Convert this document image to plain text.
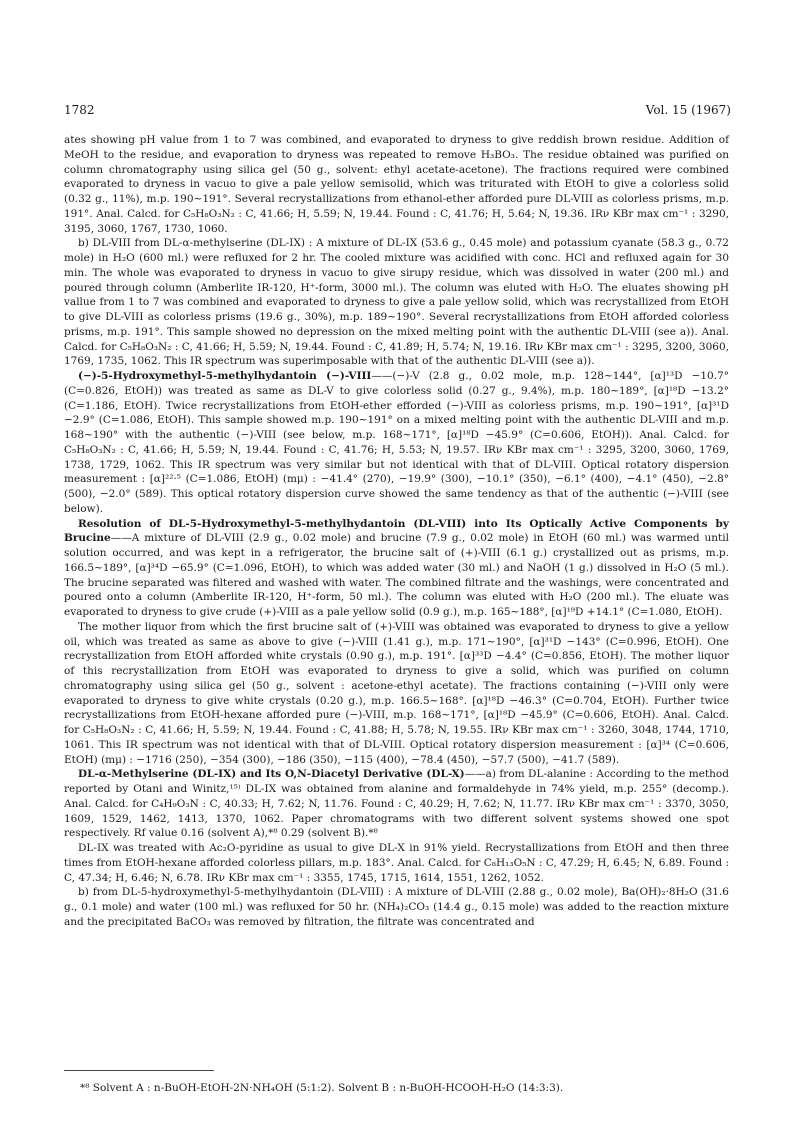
1782	Vol. 15 (1967)

ates showing pH value from 1 to 7 was combined, and evaporated to dryness to give reddish brown residue. Addition of MeOH to the residue, and evaporation to dryness was repeated to remove H₃BO₃. The residue obtained was purified on column chromatography using silica gel (50 g., solvent: ethyl acetate-acetone). The fractions required were combined evaporated to dryness in vacuo to give a pale yellow semisolid, which was triturated with EtOH to give a colorless solid (0.32 g., 11%), m.p. 190∼191°. Several recrystallizations from ethanol-ether afforded pure DL-VIII as colorless prisms, m.p. 191°. Anal. Calcd. for C₅H₈O₃N₂ : C, 41.66; H, 5.59; N, 19.44. Found : C, 41.76; H, 5.64; N, 19.36. IRν KBr max cm⁻¹ : 3290, 3195, 3060, 1767, 1730, 1060.

b) DL-VIII from DL-α-methylserine (DL-IX) : A mixture of DL-IX (53.6 g., 0.45 mole) and potassium cyanate (58.3 g., 0.72 mole) in H₂O (600 ml.) were refluxed for 2 hr. The cooled mixture was acidified with conc. HCl and refluxed again for 30 min. The whole was evaporated to dryness in vacuo to give sirupy residue, which was dissolved in water (200 ml.) and poured through column (Amberlite IR-120, H⁺-form, 3000 ml.). The column was eluted with H₂O. The eluates showing pH vallue from 1 to 7 was combined and evaporated to dryness to give a pale yellow solid, which was recrystallized from EtOH to give DL-VIII as colorless prisms (19.6 g., 30%), m.p. 189∼190°. Several recrystallizations from EtOH afforded colorless prisms, m.p. 191°. This sample showed no depression on the mixed melting point with the authentic DL-VIII (see a)). Anal. Calcd. for C₅H₈O₃N₂ : C, 41.66; H, 5.59; N, 19.44. Found : C, 41.89; H, 5.74; N, 19.16. IRν KBr max cm⁻¹ : 3295, 3200, 3060, 1769, 1735, 1062. This IR spectrum was superimposable with that of the authentic DL-VIII (see a)).

(−)-5-Hydroxymethyl-5-methylhydantoin (−)-VIII——(−)-V (2.8 g., 0.02 mole, m.p. 128∼144°, [α]¹³D −10.7° (C=0.826, EtOH)) was treated as same as DL-V to give colorless solid (0.27 g., 9.4%), m.p. 180∼189°, [α]¹⁸D −13.2° (C=1.186, EtOH). Twice recrystallizations from EtOH-ether efforded (−)-VIII as colorless prisms, m.p. 190∼191°, [α]³¹D −2.9° (C=1.086, EtOH). This sample showed m.p. 190∼191° on a mixed melting point with the authentic DL-VIII and m.p. 168∼190° with the authentic (−)-VIII (see below, m.p. 168∼171°, [α]¹⁸D −45.9° (C=0.606, EtOH)). Anal. Calcd. for C₅H₈O₃N₂ : C, 41.66; H, 5.59; N, 19.44. Found : C, 41.76; H, 5.53; N, 19.57. IRν KBr max cm⁻¹ : 3295, 3200, 3060, 1769, 1738, 1729, 1062. This IR spectrum was very similar but not identical with that of DL-VIII. Optical rotatory dispersion measurement : [α]²²·⁵ (C=1.086, EtOH) (mμ) : −41.4° (270), −19.9° (300), −10.1° (350), −6.1° (400), −4.1° (450), −2.8° (500), −2.0° (589). This optical rotatory dispersion curve showed the same tendency as that of the authentic (−)-VIII (see below).

Resolution of DL-5-Hydroxymethyl-5-methylhydantoin (DL-VIII) into Its Optically Active Components by Brucine——A mixture of DL-VIII (2.9 g., 0.02 mole) and brucine (7.9 g., 0.02 mole) in EtOH (60 ml.) was warmed until solution occurred, and was kept in a refrigerator, the brucine salt of (+)-VIII (6.1 g.) crystallized out as prisms, m.p. 166.5∼189°, [α]³⁴D −65.9° (C=1.096, EtOH), to which was added water (30 ml.) and NaOH (1 g.) dissolved in H₂O (5 ml.). The brucine separated was filtered and washed with water. The combined filtrate and the washings, were concentrated and poured onto a column (Amberlite IR-120, H⁺-form, 50 ml.). The column was eluted with H₂O (200 ml.). The eluate was evaporated to dryness to give crude (+)-VIII as a pale yellow solid (0.9 g.), m.p. 165∼188°, [α]¹⁹D +14.1° (C=1.080, EtOH).

The mother liquor from which the first brucine salt of (+)-VIII was obtained was evaporated to dryness to give a yellow oil, which was treated as same as above to give (−)-VIII (1.41 g.), m.p. 171∼190°, [α]³¹D −143° (C=0.996, EtOH). One recrystallization from EtOH afforded white crystals (0.90 g.), m.p. 191°. [α]³³D −4.4° (C=0.856, EtOH). The mother liquor of this recrystallization from EtOH was evaporated to dryness to give a solid, which was purified on column chromatography using silica gel (50 g., solvent : acetone-ethyl acetate). The fractions containing (−)-VIII only were evaporated to dryness to give white crystals (0.20 g.), m.p. 166.5∼168°. [α]¹⁸D −46.3° (C=0.704, EtOH). Further twice recrystallizations from EtOH-hexane afforded pure (−)-VIII, m.p. 168∼171°, [α]¹⁸D −45.9° (C=0.606, EtOH). Anal. Calcd. for C₅H₈O₃N₂ : C, 41.66; H, 5.59; N, 19.44. Found : C, 41.88; H, 5.78; N, 19.55. IRν KBr max cm⁻¹ : 3260, 3048, 1744, 1710, 1061. This IR spectrum was not identical with that of DL-VIII. Optical rotatory dispersion measurement : [α]³⁴ (C=0.606, EtOH) (mμ) : −1716 (250), −354 (300), −186 (350), −115 (400), −78.4 (450), −57.7 (500), −41.7 (589).

DL-α-Methylserine (DL-IX) and Its O,N-Diacetyl Derivative (DL-X)——a) from DL-alanine : According to the method reported by Otani and Winitz,¹⁵⁾ DL-IX was obtained from alanine and formaldehyde in 74% yield, m.p. 255° (decomp.). Anal. Calcd. for C₄H₉O₃N : C, 40.33; H, 7.62; N, 11.76. Found : C, 40.29; H, 7.62; N, 11.77. IRν KBr max cm⁻¹ : 3370, 3050, 1609, 1529, 1462, 1413, 1370, 1062. Paper chromatograms with two different solvent systems showed one spot respectively. Rf value 0.16 (solvent A),*⁸ 0.29 (solvent B).*⁸

DL-IX was treated with Ac₂O-pyridine as usual to give DL-X in 91% yield. Recrystallizations from EtOH and then three times from EtOH-hexane afforded colorless pillars, m.p. 183°. Anal. Calcd. for C₈H₁₃O₅N : C, 47.29; H, 6.45; N, 6.89. Found : C, 47.34; H, 6.46; N, 6.78. IRν KBr max cm⁻¹ : 3355, 1745, 1715, 1614, 1551, 1262, 1052.

b) from DL-5-hydroxymethyl-5-methylhydantoin (DL-VIII) : A mixture of DL-VIII (2.88 g., 0.02 mole), Ba(OH)₂·8H₂O (31.6 g., 0.1 mole) and water (100 ml.) was refluxed for 50 hr. (NH₄)₂CO₃ (14.4 g., 0.15 mole) was added to the reaction mixture and the precipitated BaCO₃ was removed by filtration, the filtrate was concentrated and

*⁸ Solvent A : n-BuOH-EtOH-2N·NH₄OH (5:1:2). Solvent B : n-BuOH-HCOOH-H₂O (14:3:3).
